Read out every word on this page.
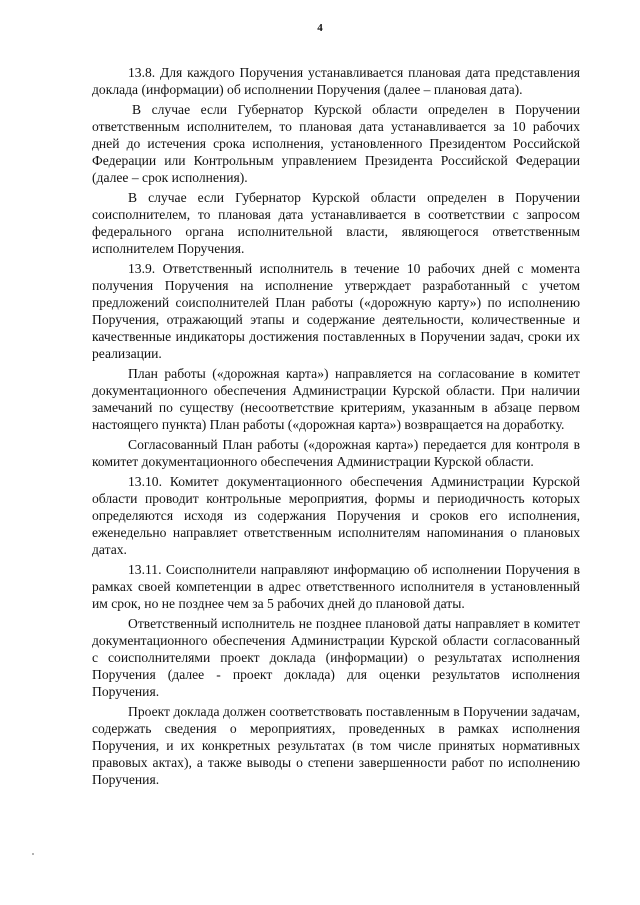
4

13.8. Для каждого Поручения устанавливается плановая дата представления доклада (информации) об исполнении Поручения (далее – плановая дата).

В случае если Губернатор Курской области определен в Поручении ответственным исполнителем, то плановая дата устанавливается за 10 рабочих дней до истечения срока исполнения, установленного Президентом Российской Федерации или Контрольным управлением Президента Российской Федерации (далее – срок исполнения).

В случае если Губернатор Курской области определен в Поручении соисполнителем, то плановая дата устанавливается в соответствии с запросом федерального органа исполнительной власти, являющегося ответственным исполнителем Поручения.

13.9. Ответственный исполнитель в течение 10 рабочих дней с момента получения Поручения на исполнение утверждает разработанный с учетом предложений соисполнителей План работы («дорожную карту») по исполнению Поручения, отражающий этапы и содержание деятельности, количественные и качественные индикаторы достижения поставленных в Поручении задач, сроки их реализации.

План работы («дорожная карта») направляется на согласование в комитет документационного обеспечения Администрации Курской области. При наличии замечаний по существу (несоответствие критериям, указанным в абзаце первом настоящего пункта) План работы («дорожная карта») возвращается на доработку.

Согласованный План работы («дорожная карта») передается для контроля в комитет документационного обеспечения Администрации Курской области.

13.10. Комитет документационного обеспечения Администрации Курской области проводит контрольные мероприятия, формы и периодичность которых определяются исходя из содержания Поручения и сроков его исполнения, еженедельно направляет ответственным исполнителям напоминания о плановых датах.

13.11. Соисполнители направляют информацию об исполнении Поручения в рамках своей компетенции в адрес ответственного исполнителя в установленный им срок, но не позднее чем за 5 рабочих дней до плановой даты.

Ответственный исполнитель не позднее плановой даты направляет в комитет документационного обеспечения Администрации Курской области согласованный с соисполнителями проект доклада (информации) о результатах исполнения Поручения (далее - проект доклада) для оценки результатов исполнения Поручения.

Проект доклада должен соответствовать поставленным в Поручении задачам, содержать сведения о мероприятиях, проведенных в рамках исполнения Поручения, и их конкретных результатах (в том числе принятых нормативных правовых актах), а также выводы о степени завершенности работ по исполнению Поручения.
